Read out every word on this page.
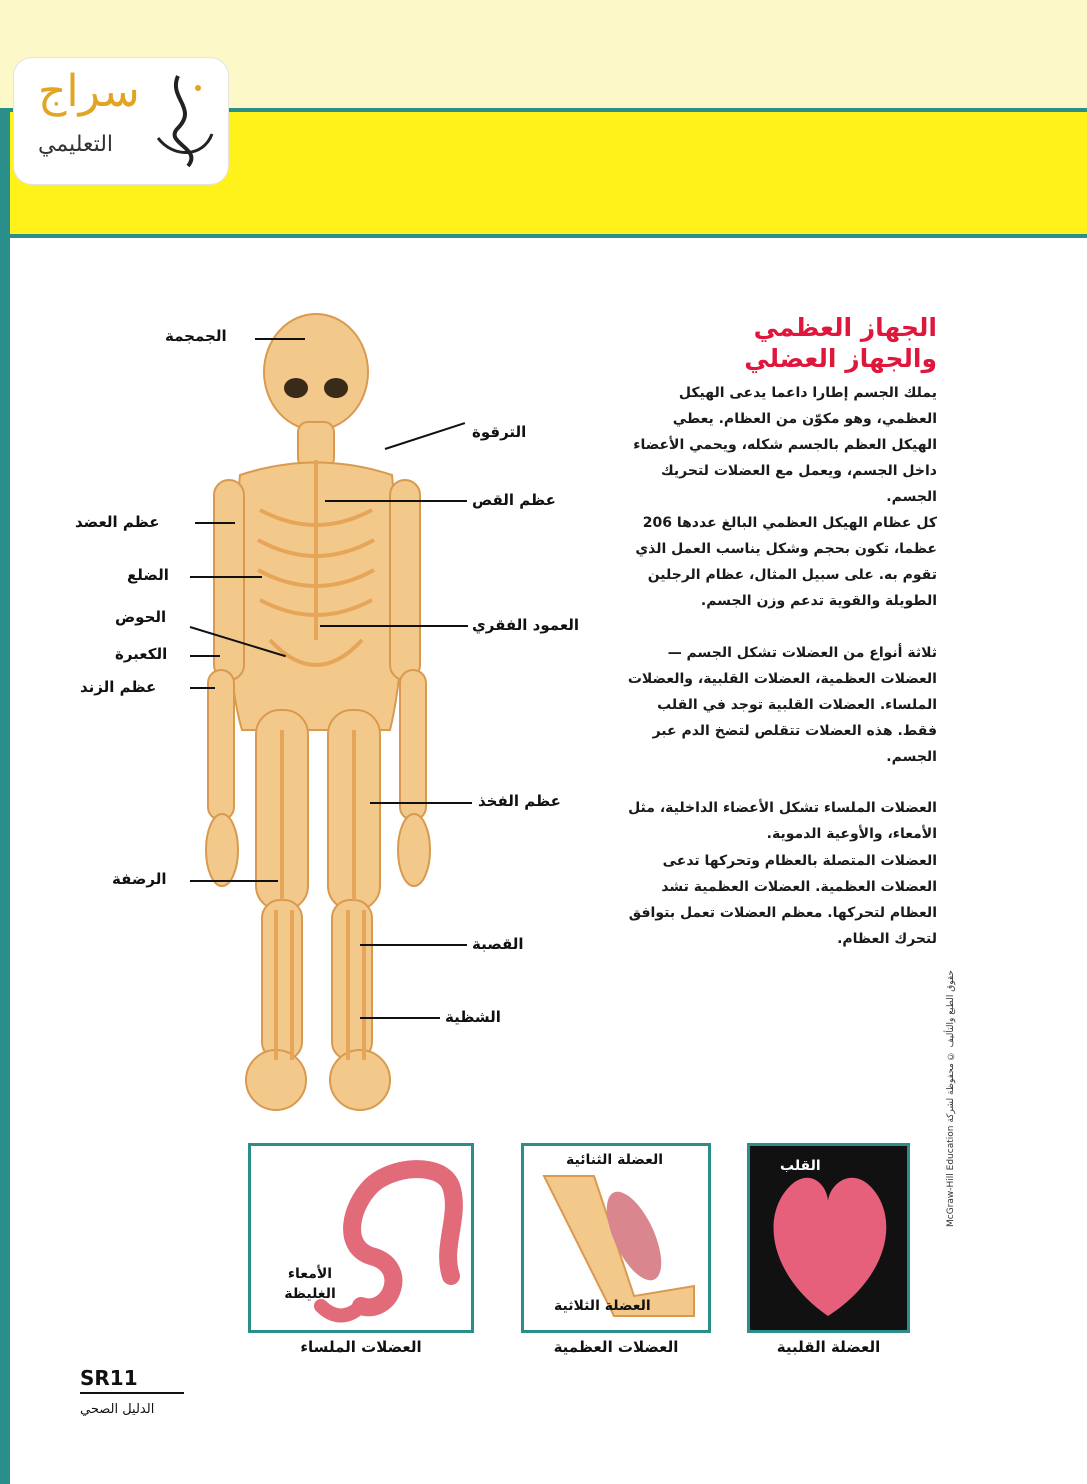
سراج
التعليمي
الجهاز العظمي
والجهاز العضلي
يملك الجسم إطارا داعما يدعى الهيكل العظمي، وهو مكوّن من العظام. يعطي الهيكل العظم بالجسم شكله، ويحمي الأعضاء داخل الجسم، ويعمل مع العضلات لتحريك الجسم.
كل عظام الهيكل العظمي البالغ عددها 206 عظما، تكون بحجم وشكل يناسب العمل الذي تقوم به. على سبيل المثال، عظام الرجلين الطويلة والقوية تدعم وزن الجسم.
ثلاثة أنواع من العضلات تشكل الجسم — العضلات العظمية، العضلات القلبية، والعضلات الملساء. العضلات القلبية توجد في القلب فقط. هذه العضلات تتقلص لتضخ الدم عبر الجسم.
العضلات الملساء تشكل الأعضاء الداخلية، مثل الأمعاء، والأوعية الدموية.
العضلات المتصلة بالعظام وتحركها تدعى العضلات العظمية. العضلات العظمية تشد العظام لتحركها. معظم العضلات تعمل بتوافق لتحرك العظام.
الجمجمة
الترقوة
عظم القص
عظم العضد
الضلع
الحوض	العمود الفقري
الكعبرة
عظم الزند
عظم الفخذ
الرضفة
القصبة
الشظية
الأمعاء الغليظة
العضلات الملساء
العضلة الثنائية
العضلة الثلاثية
العضلات العظمية
القلب
العضلة القلبية
حقوق الطبع والتأليف © محفوظة لشركة McGraw-Hill Education
SR11
الدليل الصحي
